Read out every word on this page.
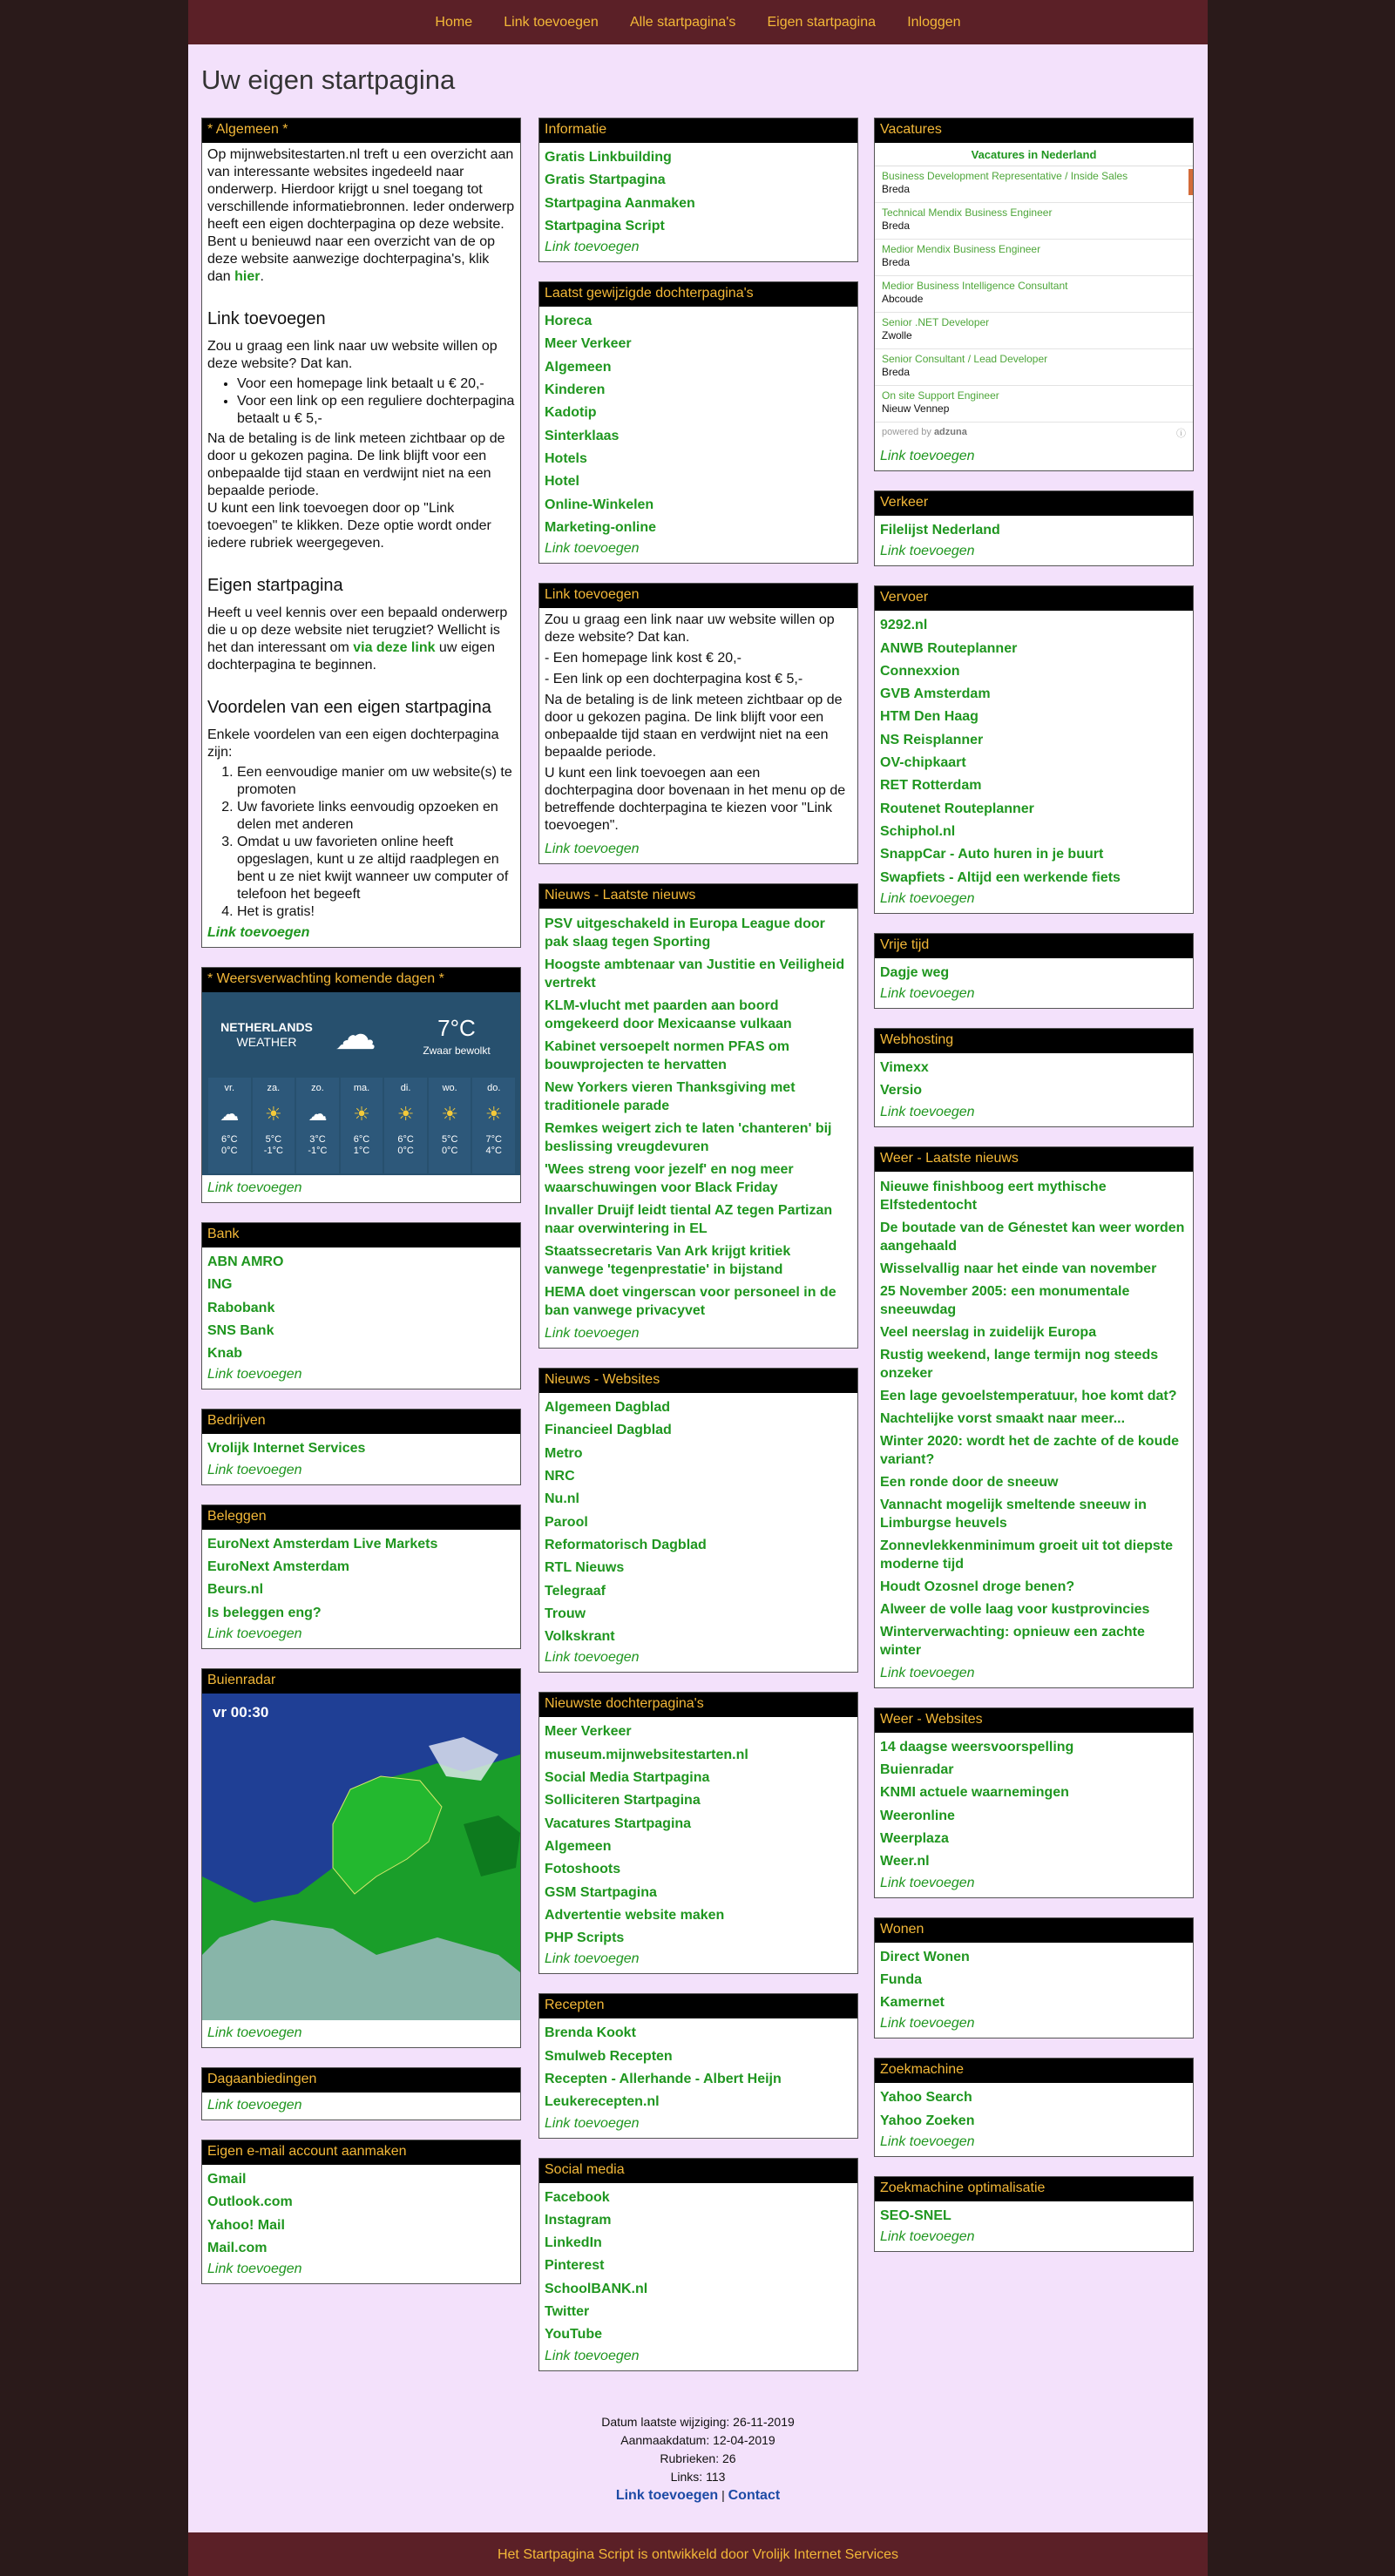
Home Link toevoegen Alle startpagina's Eigen startpagina Inloggen
Uw eigen startpagina
* Algemeen *

Op mijnwebsitestarten.nl treft u een overzicht aan van interessante websites ingedeeld naar onderwerp. Hierdoor krijgt u snel toegang tot verschillende informatiebronnen. Ieder onderwerp heeft een eigen dochterpagina op deze website. Bent u benieuwd naar een overzicht van de op deze website aanwezige dochterpagina's, klik dan hier.

Link toevoegen

Zou u graag een link naar uw website willen op deze website? Dat kan.

• Voor een homepage link betaalt u € 20,-
• Voor een link op een reguliere dochterpagina betaalt u € 5,-

Na de betaling is de link meteen zichtbaar op de door u gekozen pagina. De link blijft voor een onbepaalde tijd staan en verdwijnt niet na een bepaalde periode.

U kunt een link toevoegen door op "Link toevoegen" te klikken. Deze optie wordt onder iedere rubriek weergegeven.

Eigen startpagina

Heeft u veel kennis over een bepaald onderwerp die u op deze website niet terugziet? Wellicht is het dan interessant om via deze link uw eigen dochterpagina te beginnen.

Voordelen van een eigen startpagina

Enkele voordelen van een eigen dochterpagina zijn:

1. Een eenvoudige manier om uw website(s) te promoten
2. Uw favoriete links eenvoudig opzoeken en delen met anderen
3. Omdat u uw favorieten online heeft opgeslagen, kunt u ze altijd raadplegen en bent u ze niet kwijt wanneer uw computer of telefoon het begeeft
4. Het is gratis!
Link toevoegen
* Weersverwachting komende dagen *
NETHERLANDS
WEATHER ☁	7°C
Zwaar bewolkt
vr.
☁
6°C
0°C
za.
☀
5°C
-1°C
zo.
☁
3°C
-1°C
ma.
☀
6°C
1°C
di.
☀
6°C
0°C
wo.
☀
5°C
0°C
do.
☀
7°C
4°C
Link toevoegen
Bank
ABN AMRO
ING
Rabobank
SNS Bank
Knab
Link toevoegen
Bedrijven
Vrolijk Internet Services
Link toevoegen
Beleggen
EuroNext Amsterdam Live Markets
EuroNext Amsterdam
Beurs.nl
Is beleggen eng?
Link toevoegen
Buienradar
vr 00:30
Link toevoegen
Dagaanbiedingen
Link toevoegen
Eigen e-mail account aanmaken
Gmail
Outlook.com
Yahoo! Mail
Mail.com
Link toevoegen
Informatie
Gratis Linkbuilding
Gratis Startpagina
Startpagina Aanmaken
Startpagina Script
Link toevoegen
Laatst gewijzigde dochterpagina's
Horeca
Meer Verkeer
Algemeen
Kinderen
Kadotip
Sinterklaas
Hotels
Hotel
Online-Winkelen
Marketing-online
Link toevoegen
Link toevoegen

Zou u graag een link naar uw website willen op deze website? Dat kan.

- Een homepage link kost € 20,-

- Een link op een dochterpagina kost € 5,-

Na de betaling is de link meteen zichtbaar op de door u gekozen pagina. De link blijft voor een onbepaalde tijd staan en verdwijnt niet na een bepaalde periode.

U kunt een link toevoegen aan een dochterpagina door bovenaan in het menu op de betreffende dochterpagina te kiezen voor "Link toevoegen".

Link toevoegen
Nieuws - Laatste nieuws
PSV uitgeschakeld in Europa League door pak slaag tegen Sporting
Hoogste ambtenaar van Justitie en Veiligheid vertrekt
KLM-vlucht met paarden aan boord omgekeerd door Mexicaanse vulkaan
Kabinet versoepelt normen PFAS om bouwprojecten te hervatten
New Yorkers vieren Thanksgiving met traditionele parade
Remkes weigert zich te laten 'chanteren' bij beslissing vreugdevuren
'Wees streng voor jezelf' en nog meer waarschuwingen voor Black Friday
Invaller Druijf leidt tiental AZ tegen Partizan naar overwintering in EL
Staatssecretaris Van Ark krijgt kritiek vanwege 'tegenprestatie' in bijstand
HEMA doet vingerscan voor personeel in de ban vanwege privacyvet
Link toevoegen
Nieuws - Websites
Algemeen Dagblad
Financieel Dagblad
Metro
NRC
Nu.nl
Parool
Reformatorisch Dagblad
RTL Nieuws
Telegraaf
Trouw
Volkskrant
Link toevoegen
Nieuwste dochterpagina's
Meer Verkeer
museum.mijnwebsitestarten.nl
Social Media Startpagina
Solliciteren Startpagina
Vacatures Startpagina
Algemeen
Fotoshoots
GSM Startpagina
Advertentie website maken
PHP Scripts
Link toevoegen
Recepten
Brenda Kookt
Smulweb Recepten
Recepten - Allerhande - Albert Heijn
Leukerecepten.nl
Link toevoegen
Social media
Facebook
Instagram
LinkedIn
Pinterest
SchoolBANK.nl
Twitter
YouTube
Link toevoegen
Vacatures
Vacatures in Nederland
Business Development Representative / Inside Sales
Breda
Technical Mendix Business Engineer
Breda
Medior Mendix Business Engineer
Breda
Medior Business Intelligence Consultant
Abcoude
Senior .NET Developer
Zwolle
Senior Consultant / Lead Developer
Breda
On site Support Engineer
Nieuw Vennep
powered by adzuna	ⓘ
Link toevoegen
Verkeer
Filelijst Nederland
Link toevoegen
Vervoer
9292.nl
ANWB Routeplanner
Connexxion
GVB Amsterdam
HTM Den Haag
NS Reisplanner
OV-chipkaart
RET Rotterdam
Routenet Routeplanner
Schiphol.nl
SnappCar - Auto huren in je buurt
Swapfiets - Altijd een werkende fiets
Link toevoegen
Vrije tijd
Dagje weg
Link toevoegen
Webhosting
Vimexx
Versio
Link toevoegen
Weer - Laatste nieuws
Nieuwe finishboog eert mythische Elfstedentocht
De boutade van de Génestet kan weer worden aangehaald
Wisselvallig naar het einde van november
25 November 2005: een monumentale sneeuwdag
Veel neerslag in zuidelijk Europa
Rustig weekend, lange termijn nog steeds onzeker
Een lage gevoelstemperatuur, hoe komt dat?
Nachtelijke vorst smaakt naar meer...
Winter 2020: wordt het de zachte of de koude variant?
Een ronde door de sneeuw
Vannacht mogelijk smeltende sneeuw in Limburgse heuvels
Zonnevlekkenminimum groeit uit tot diepste moderne tijd
Houdt Ozosnel droge benen?
Alweer de volle laag voor kustprovincies
Winterverwachting: opnieuw een zachte winter
Link toevoegen
Weer - Websites
14 daagse weersvoorspelling
Buienradar
KNMI actuele waarnemingen
Weeronline
Weerplaza
Weer.nl
Link toevoegen
Wonen
Direct Wonen
Funda
Kamernet
Link toevoegen
Zoekmachine
Yahoo Search
Yahoo Zoeken
Link toevoegen
Zoekmachine optimalisatie
SEO-SNEL
Link toevoegen
Datum laatste wijziging: 26-11-2019
Aanmaakdatum: 12-04-2019
Rubrieken: 26
Links: 113
Link toevoegen | Contact
Het Startpagina Script is ontwikkeld door Vrolijk Internet Services
